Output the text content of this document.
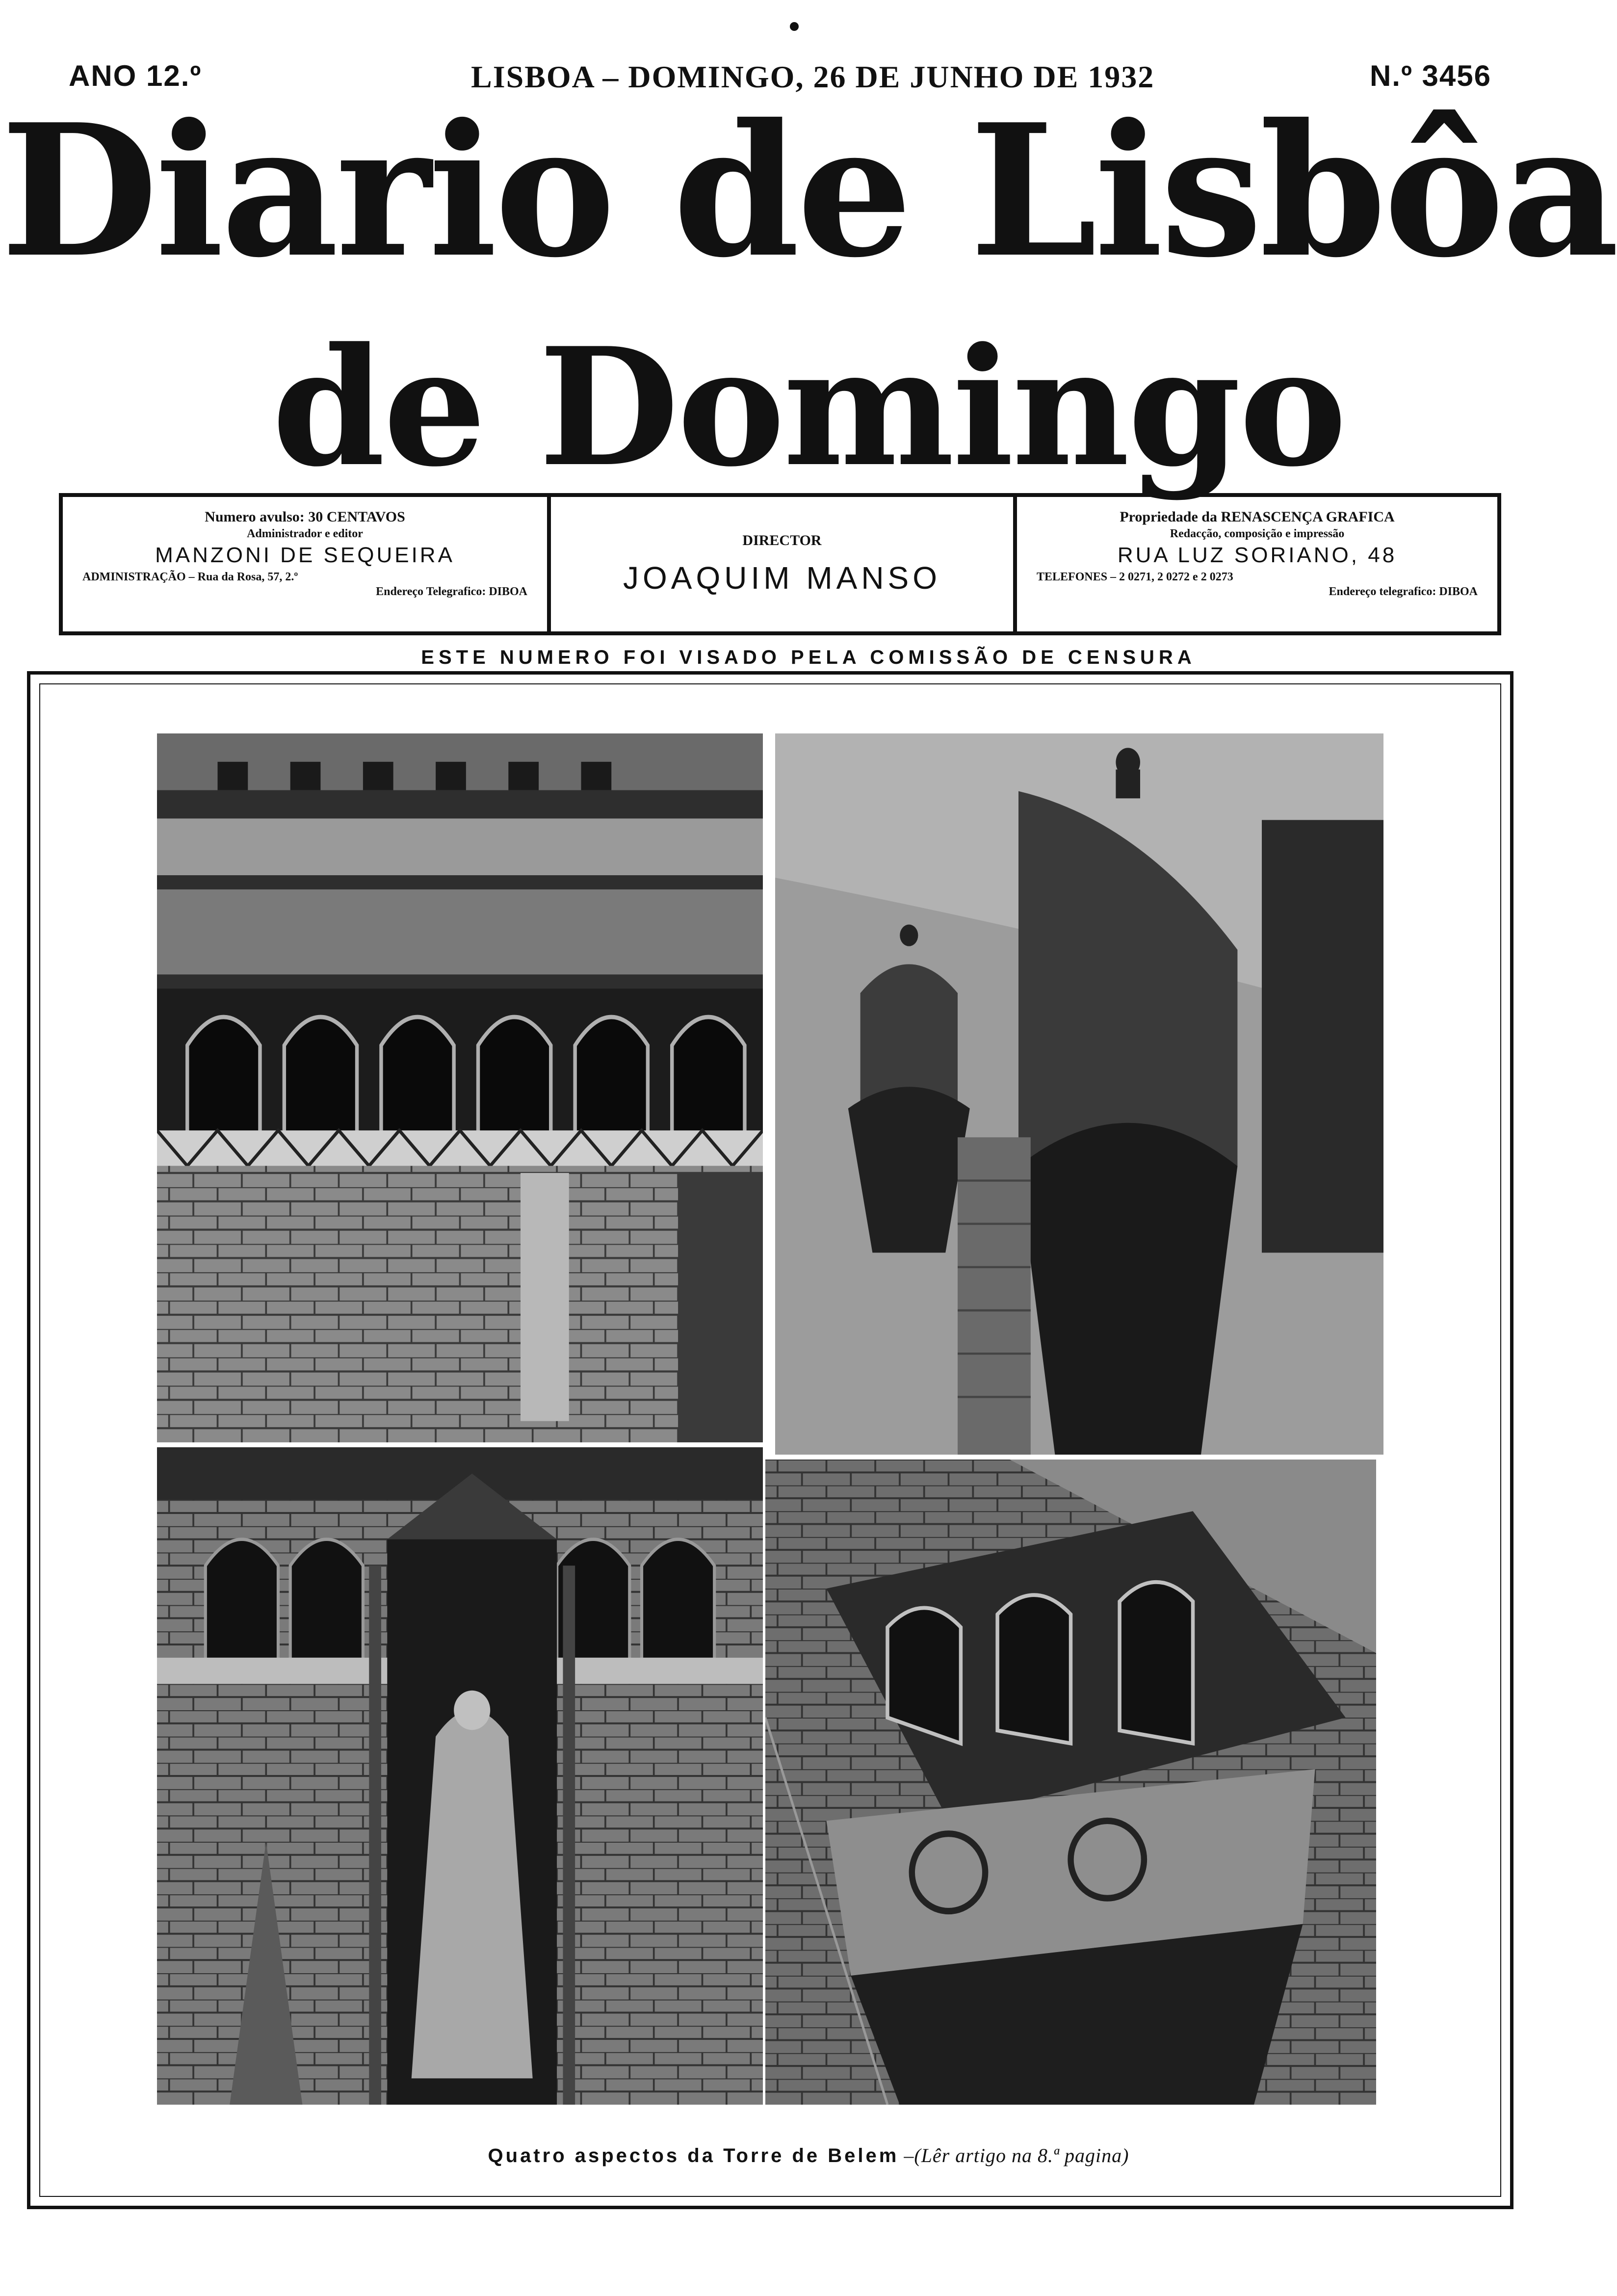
ANO 12.º	LISBOA – DOMINGO, 26 DE JUNHO DE 1932	N.º 3456
Diario de Lisbôa
de Domingo
Numero avulso: 30 CENTAVOS
Administrador e editor
MANZONI DE SEQUEIRA
ADMINISTRAÇÃO – Rua da Rosa, 57, 2.º
Endereço Telegrafico: DIBOA
DIRECTOR
JOAQUIM MANSO
Propriedade da RENASCENÇA GRAFICA
Redacção, composição e impressão
RUA LUZ SORIANO, 48
TELEFONES – 2 0271, 2 0272 e 2 0273
Endereço telegrafico: DIBOA
ESTE NUMERO FOI VISADO PELA COMISSÃO DE CENSURA
Quatro aspectos da Torre de Belem –(Lêr artigo na 8.ª pagina)
